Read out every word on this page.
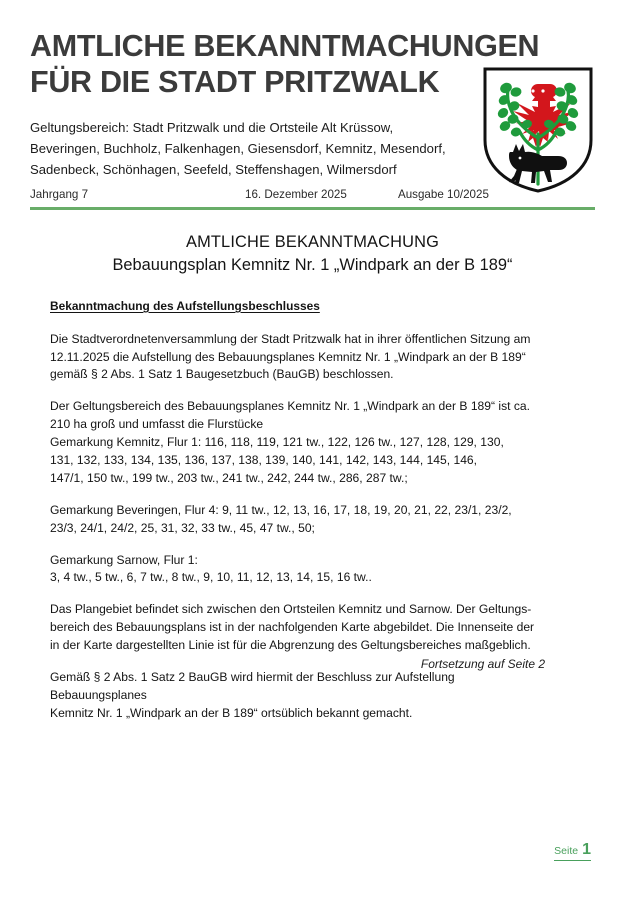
AMTLICHE BEKANNTMACHUNGEN
FÜR DIE STADT PRITZWALK
Geltungsbereich: Stadt Pritzwalk und die Ortsteile Alt Krüssow,
Beveringen, Buchholz, Falkenhagen, Giesensdorf, Kemnitz, Mesendorf,
Sadenbeck, Schönhagen, Seefeld, Steffenshagen, Wilmersdorf
Jahrgang 7	16. Dezember 2025	Ausgabe 10/2025
AMTLICHE BEKANNTMACHUNG
Bebauungsplan Kemnitz Nr. 1 „Windpark an der B 189“
Bekanntmachung des Aufstellungsbeschlusses
Die Stadtverordnetenversammlung der Stadt Pritzwalk hat in ihrer öffentlichen Sitzung am
12.11.2025 die Aufstellung des Bebauungsplanes Kemnitz Nr. 1 „Windpark an der B 189“
gemäß § 2 Abs. 1 Satz 1 Baugesetzbuch (BauGB) beschlossen.
Der Geltungsbereich des Bebauungsplanes Kemnitz Nr. 1 „Windpark an der B 189“ ist ca.
210 ha groß und umfasst die Flurstücke
Gemarkung Kemnitz, Flur 1: 116, 118, 119, 121 tw., 122, 126 tw., 127, 128, 129, 130,
131, 132, 133, 134, 135, 136, 137, 138, 139, 140, 141, 142, 143, 144, 145, 146,
147/1, 150 tw., 199 tw., 203 tw., 241 tw., 242, 244 tw., 286, 287 tw.;
Gemarkung Beveringen, Flur 4: 9, 11 tw., 12, 13, 16, 17, 18, 19, 20, 21, 22, 23/1, 23/2,
23/3, 24/1, 24/2, 25, 31, 32, 33 tw., 45, 47 tw., 50;
Gemarkung Sarnow, Flur 1:
3, 4 tw., 5 tw., 6, 7 tw., 8 tw., 9, 10, 11, 12, 13, 14, 15, 16 tw..
Das Plangebiet befindet sich zwischen den Ortsteilen Kemnitz und Sarnow. Der Geltungs-
bereich des Bebauungsplans ist in der nachfolgenden Karte abgebildet. Die Innenseite der
in der Karte dargestellten Linie ist für die Abgrenzung des Geltungsbereiches maßgeblich.
Gemäß § 2 Abs. 1 Satz 2 BauGB wird hiermit der Beschluss zur Aufstellung Bebauungsplanes
Kemnitz Nr. 1 „Windpark an der B 189“ ortsüblich bekannt gemacht.
Fortsetzung auf Seite 2
Seite 1
